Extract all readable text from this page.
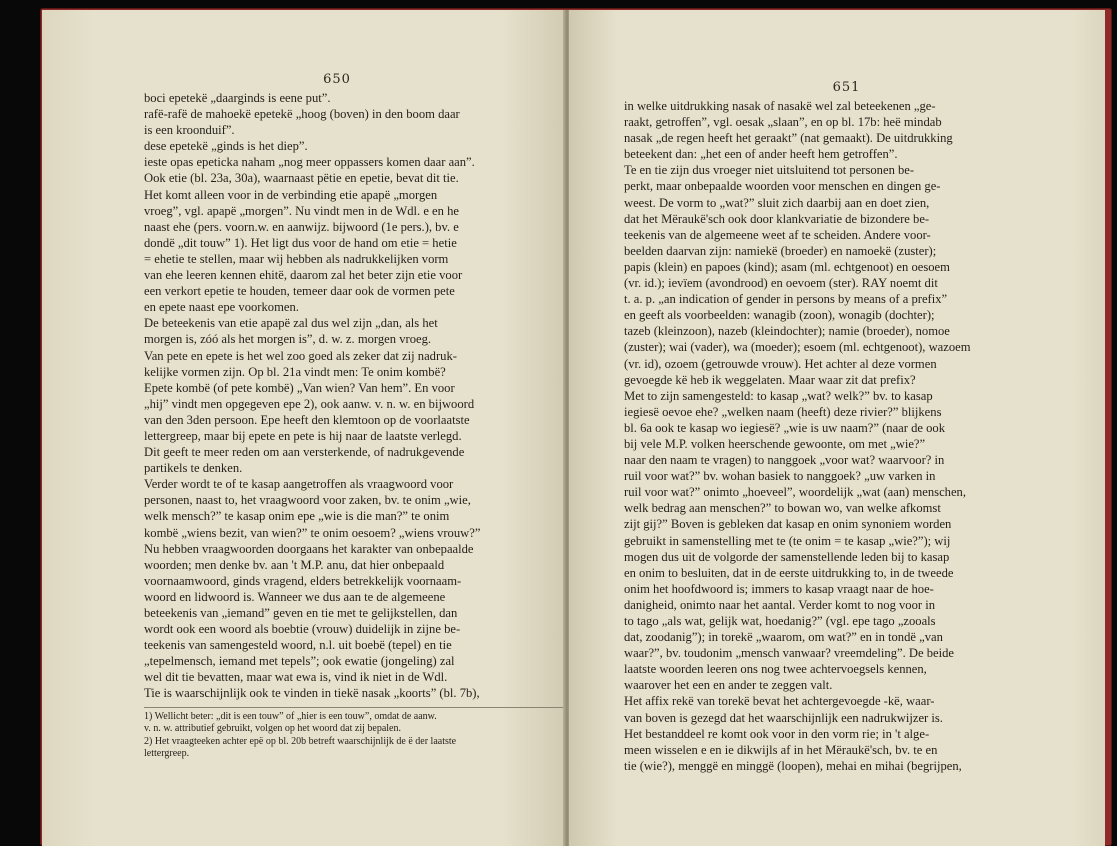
650
boci epetekë „daarginds is eene put”.
rafë-rafë de mahoekë epetekë „hoog (boven) in den boom daar
is een kroonduif”.
dese epetekë „ginds is het diep”.
ieste opas epeticka naham „nog meer oppassers komen daar aan”.
Ook etie (bl. 23a, 30a), waarnaast pëtie en epetie, bevat dit tie.
Het komt alleen voor in de verbinding etie apapë „morgen
vroeg”, vgl. apapë „morgen”. Nu vindt men in de Wdl. e en he
naast ehe (pers. voorn.w. en aanwijz. bijwoord (1e pers.), bv. e
dondë „dit touw” 1). Het ligt dus voor de hand om etie = hetie
= ehetie te stellen, maar wij hebben als nadrukkelijken vorm
van ehe leeren kennen ehitë, daarom zal het beter zijn etie voor
een verkort epetie te houden, temeer daar ook de vormen pete
en epete naast epe voorkomen.
De beteekenis van etie apapë zal dus wel zijn „dan, als het
morgen is, zóó als het morgen is”, d. w. z. morgen vroeg.
Van pete en epete is het wel zoo goed als zeker dat zij nadruk-
kelijke vormen zijn. Op bl. 21a vindt men: Te onim kombë?
Epete kombë (of pete kombë) „Van wien? Van hem”. En voor
„hij” vindt men opgegeven epe 2), ook aanw. v. n. w. en bijwoord
van den 3den persoon. Epe heeft den klemtoon op de voorlaatste
lettergreep, maar bij epete en pete is hij naar de laatste verlegd.
Dit geeft te meer reden om aan versterkende, of nadrukgevende
partikels te denken.
Verder wordt te of te kasap aangetroffen als vraagwoord voor
personen, naast to, het vraagwoord voor zaken, bv. te onim „wie,
welk mensch?” te kasap onim epe „wie is die man?” te onim
kombë „wiens bezit, van wien?” te onim oesoem? „wiens vrouw?”
Nu hebben vraagwoorden doorgaans het karakter van onbepaalde
woorden; men denke bv. aan 't M.P. anu, dat hier onbepaald
voornaamwoord, ginds vragend, elders betrekkelijk voornaam-
woord en lidwoord is. Wanneer we dus aan te de algemeene
beteekenis van „iemand” geven en tie met te gelijkstellen, dan
wordt ook een woord als boebtie (vrouw) duidelijk in zijne be-
teekenis van samengesteld woord, n.l. uit boebë (tepel) en tie
„tepelmensch, iemand met tepels”; ook ewatie (jongeling) zal
wel dit tie bevatten, maar wat ewa is, vind ik niet in de Wdl.
Tie is waarschijnlijk ook te vinden in tiekë nasak „koorts” (bl. 7b),
1) Wellicht beter: „dit is een touw” of „hier is een touw”, omdat de aanw.
v. n. w. attributief gebruikt, volgen op het woord dat zij bepalen.
2) Het vraagteeken achter epë op bl. 20b betreft waarschijnlijk de ë der laatste
lettergreep.
651
in welke uitdrukking nasak of nasakë wel zal beteekenen „ge-
raakt, getroffen”, vgl. oesak „slaan”, en op bl. 17b: heë mindab
nasak „de regen heeft het geraakt” (nat gemaakt). De uitdrukking
beteekent dan: „het een of ander heeft hem getroffen”.
Te en tie zijn dus vroeger niet uitsluitend tot personen be-
perkt, maar onbepaalde woorden voor menschen en dingen ge-
weest. De vorm to „wat?” sluit zich daarbij aan en doet zien,
dat het Mëraukë'sch ook door klankvariatie de bizondere be-
teekenis van de algemeene weet af te scheiden. Andere voor-
beelden daarvan zijn: namiekë (broeder) en namoekë (zuster);
papis (klein) en papoes (kind); asam (ml. echtgenoot) en oesoem
(vr. id.); ievïem (avondrood) en oevoem (ster). RAY noemt dit
t. a. p. „an indication of gender in persons by means of a prefix”
en geeft als voorbeelden: wanagib (zoon), wonagib (dochter);
tazeb (kleinzoon), nazeb (kleindochter); namie (broeder), nomoe
(zuster); wai (vader), wa (moeder); esoem (ml. echtgenoot), wazoem
(vr. id), ozoem (getrouwde vrouw). Het achter al deze vormen
gevoegde kë heb ik weggelaten. Maar waar zit dat prefix?
Met to zijn samengesteld: to kasap „wat? welk?” bv. to kasap
iegiesë oevoe ehe? „welken naam (heeft) deze rivier?” blijkens
bl. 6a ook te kasap wo iegiesë? „wie is uw naam?” (naar de ook
bij vele M.P. volken heerschende gewoonte, om met „wie?”
naar den naam te vragen) to nanggoek „voor wat? waarvoor? in
ruil voor wat?” bv. wohan basiek to nanggoek? „uw varken in
ruil voor wat?” onimto „hoeveel”, woordelijk „wat (aan) menschen,
welk bedrag aan menschen?” to bowan wo, van welke afkomst
zijt gij?” Boven is gebleken dat kasap en onim synoniem worden
gebruikt in samenstelling met te (te onim = te kasap „wie?”); wij
mogen dus uit de volgorde der samenstellende leden bij to kasap
en onim to besluiten, dat in de eerste uitdrukking to, in de tweede
onim het hoofdwoord is; immers to kasap vraagt naar de hoe-
danigheid, onimto naar het aantal. Verder komt to nog voor in
to tago „als wat, gelijk wat, hoedanig?” (vgl. epe tago „zooals
dat, zoodanig”); in torekë „waarom, om wat?” en in tondë „van
waar?”, bv. toudonim „mensch vanwaar? vreemdeling”. De beide
laatste woorden leeren ons nog twee achtervoegsels kennen,
waarover het een en ander te zeggen valt.
Het affix rekë van torekë bevat het achtergevoegde -kë, waar-
van boven is gezegd dat het waarschijnlijk een nadrukwijzer is.
Het bestanddeel re komt ook voor in den vorm rie; in 't alge-
meen wisselen e en ie dikwijls af in het Mëraukë'sch, bv. te en
tie (wie?), menggë en minggë (loopen), mehai en mihai (begrijpen,
